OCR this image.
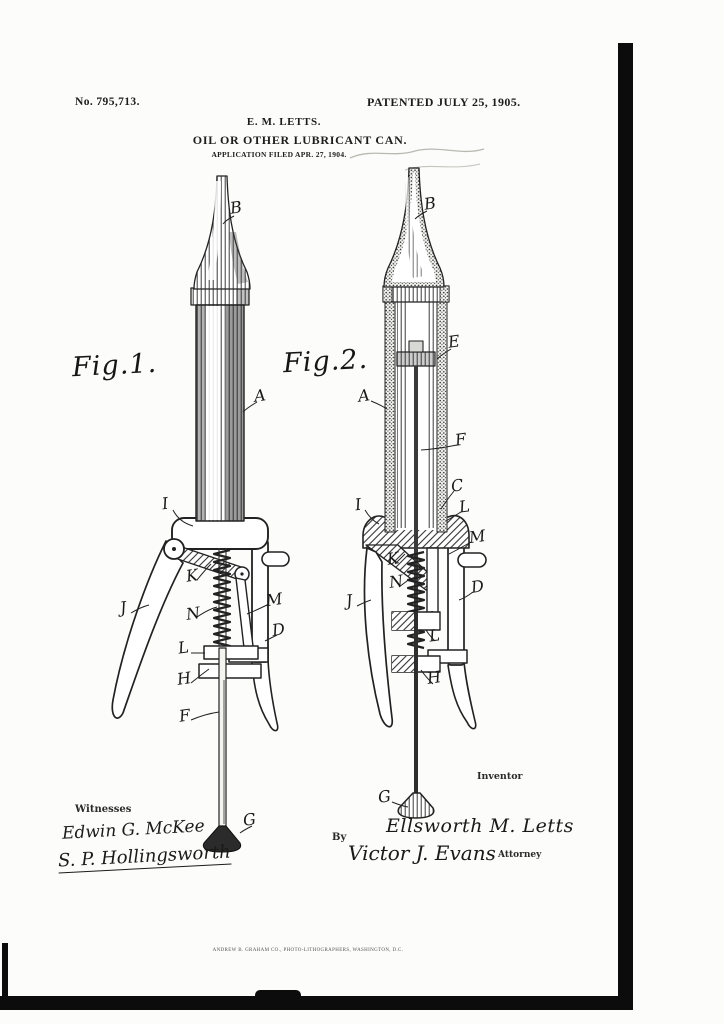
No. 795,713.	PATENTED JULY 25, 1905.
E. M. LETTS.
OIL OR OTHER LUBRICANT CAN.
APPLICATION FILED APR. 27, 1904.
Fig.1.	Fig.2.
B
A
I
K
J	N
M
D
L
H
F
G
B
E
A
F
C
L
M
I
K
N
J
D
L
H
G
Witnesses
Edwin G. McKee
S. P. Hollingsworth
Inventor
Ellsworth M. Letts
By
Victor J. Evans Attorney
ANDREW B. GRAHAM CO., PHOTO-LITHOGRAPHERS, WASHINGTON, D.C.
